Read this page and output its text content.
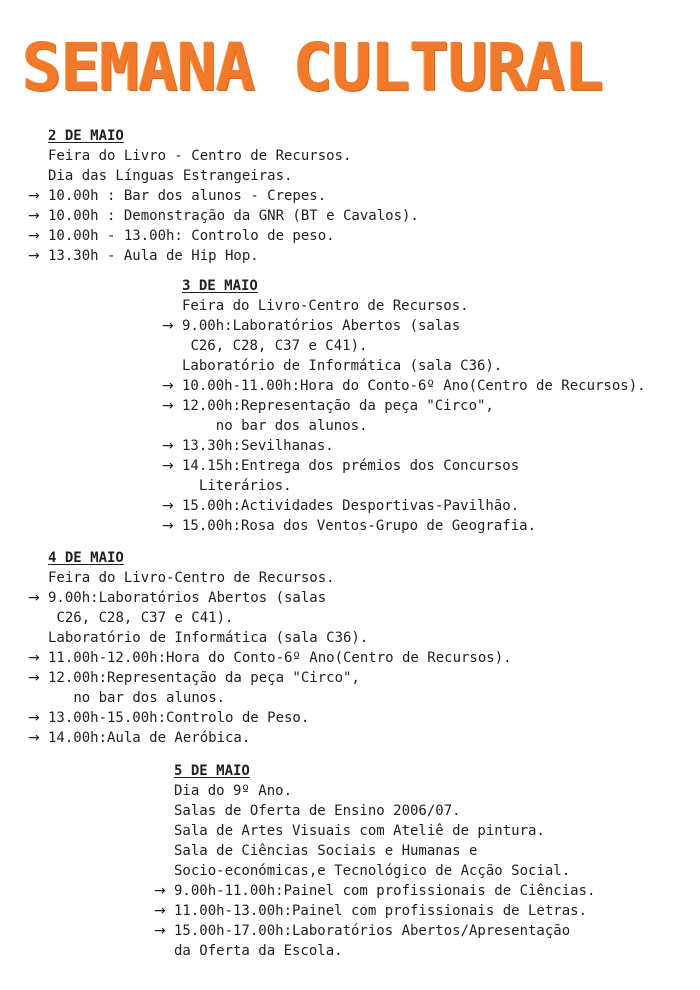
SEMANA CULTURAL
2 DE MAIO
Feira do Livro - Centro de Recursos.
Dia das Línguas Estrangeiras.
→ 10.00h : Bar dos alunos - Crepes.
→ 10.00h : Demonstração da GNR (BT e Cavalos).
→ 10.00h - 13.00h: Controlo de peso.
→ 13.30h - Aula de Hip Hop.
3 DE MAIO
Feira do Livro-Centro de Recursos.
→ 9.00h:Laboratórios Abertos (salas
C26, C28, C37 e C41).
Laboratório de Informática (sala C36).
→ 10.00h-11.00h:Hora do Conto-6º Ano(Centro de Recursos).
→ 12.00h:Representação da peça "Circo",
no bar dos alunos.
→ 13.30h:Sevilhanas.
→ 14.15h:Entrega dos prémios dos Concursos
Literários.
→ 15.00h:Actividades Desportivas-Pavilhão.
→ 15.00h:Rosa dos Ventos-Grupo de Geografia.
4 DE MAIO
Feira do Livro-Centro de Recursos.
→ 9.00h:Laboratórios Abertos (salas
C26, C28, C37 e C41).
Laboratório de Informática (sala C36).
→ 11.00h-12.00h:Hora do Conto-6º Ano(Centro de Recursos).
→ 12.00h:Representação da peça "Circo",
no bar dos alunos.
→ 13.00h-15.00h:Controlo de Peso.
→ 14.00h:Aula de Aeróbica.
5 DE MAIO
Dia do 9º Ano.
Salas de Oferta de Ensino 2006/07.
Sala de Artes Visuais com Ateliê de pintura.
Sala de Ciências Sociais e Humanas e
Socio-económicas,e Tecnológico de Acção Social.
→ 9.00h-11.00h:Painel com profissionais de Ciências.
→ 11.00h-13.00h:Painel com profissionais de Letras.
→ 15.00h-17.00h:Laboratórios Abertos/Apresentação
da Oferta da Escola.
